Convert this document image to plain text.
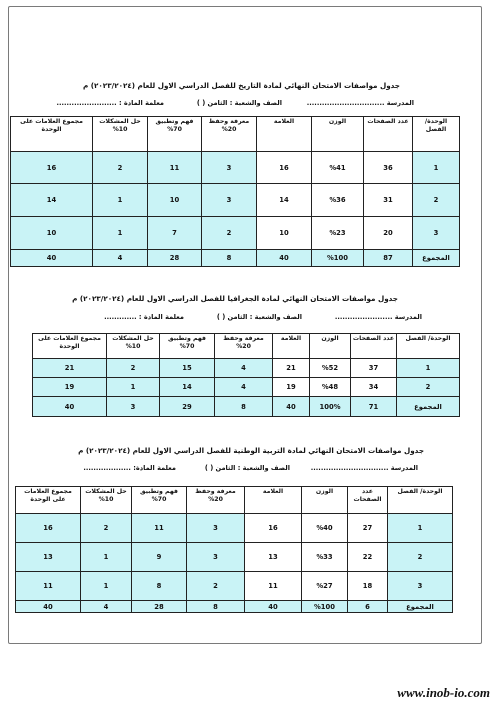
جدول مواصفات الامتحان النهائي لمادة التاريخ للفصل الدراسي الاول للعام (٢٠٢٣/٢٠٢٤) م
المدرسة ...............................
الصف والشعبة : الثامن ( )
معلمة المادة : ........................
الوحدة/ الفصل	عدد الصفحات	الوزن	العلامة	معرفة وحفظ 20%	فهم وتطبيق 70%	حل المشكلات 10%	مجموع العلامات على الوحدة
1	36	%41	16	3	11	2	16
2	31	%36	14	3	10	1	14
3	20	%23	10	2	7	1	10
المجموع	87	%100	40	8	28	4	40
جدول مواصفات الامتحان النهائي لمادة الجغرافيا للفصل الدراسي الاول للعام (٢٠٢٣/٢٠٢٤) م
المدرسة .......................
الصف والشعبة : الثامن ( )
معلمة المادة : .............
الوحدة/ الفصل	عدد الصفحات	الوزن	العلامة	معرفة وحفظ 20%	فهم وتطبيق 70%	حل المشكلات 10%	مجموع العلامات على الوحدة
1	37	%52	21	4	15	2	21
2	34	%48	19	4	14	1	19
المجموع	71	100%	40	8	29	3	40
جدول مواصفات الامتحان النهائي لمادة التربية الوطنية للفصل الدراسي الاول للعام (٢٠٢٣/٢٠٢٤) م
المدرسة ...............................
الصف والشعبة : الثامن ( )
معلمة المادة: ...................
الوحدة/ الفصل	عدد الصفحات	الوزن	العلامة	معرفة وحفظ 20%	فهم وتطبيق 70%	حل المشكلات 10%	مجموع العلامات على الوحدة
1	27	%40	16	3	11	2	16
2	22	%33	13	3	9	1	13
3	18	%27	11	2	8	1	11
المجموع	6	%100	40	8	28	4	40
www.inob-io.com
